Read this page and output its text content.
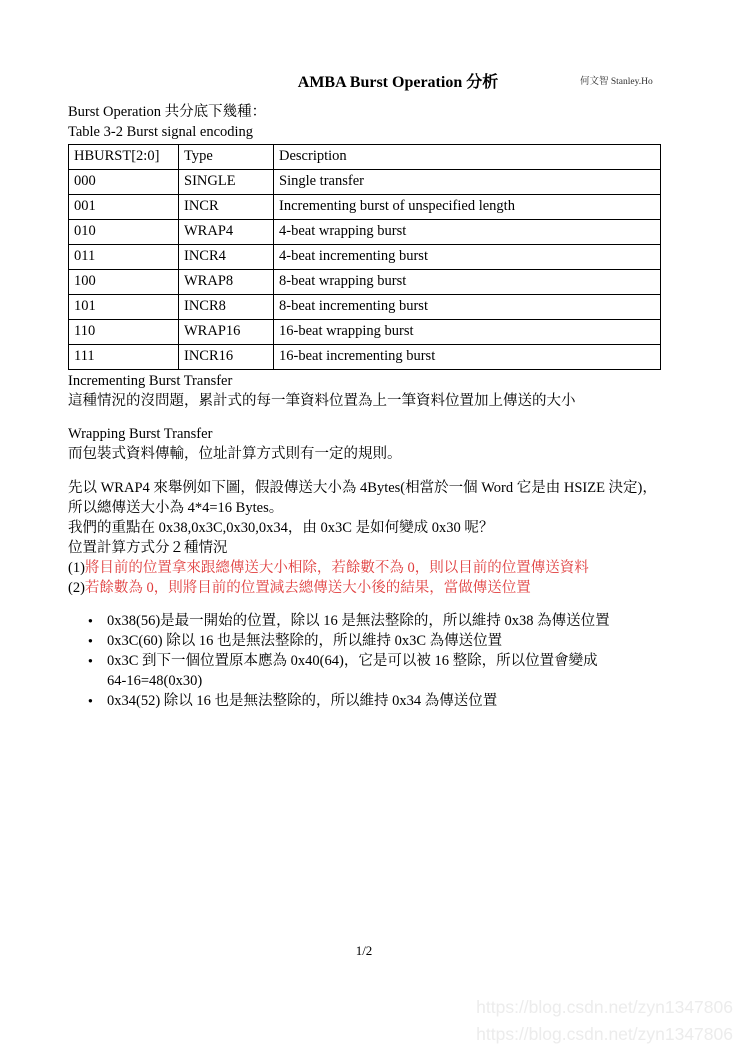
AMBA Burst Operation 分析	何文智 Stanley.Ho
Burst Operation 共分底下幾種：
Table 3-2 Burst signal encoding
HBURST[2:0]	Type	Description
000	SINGLE	Single transfer
001	INCR	Incrementing burst of unspecified length
010	WRAP4	4-beat wrapping burst
011	INCR4	4-beat incrementing burst
100	WRAP8	8-beat wrapping burst
101	INCR8	8-beat incrementing burst
110	WRAP16	16-beat wrapping burst
111	INCR16	16-beat incrementing burst
Incrementing Burst Transfer
這種情況的沒問題，累計式的每一筆資料位置為上一筆資料位置加上傳送的大小
Wrapping Burst Transfer
而包裝式資料傳輸，位址計算方式則有一定的規則。
先以 WRAP4 來舉例如下圖，假設傳送大小為 4Bytes(相當於一個 Word 它是由 HSIZE 決定)，
所以總傳送大小為 4*4=16 Bytes。
我們的重點在 0x38,0x3C,0x30,0x34，由 0x3C 是如何變成 0x30 呢？
位置計算方式分２種情況
(1)將目前的位置拿來跟總傳送大小相除，若餘數不為 0，則以目前的位置傳送資料
(2)若餘數為 0，則將目前的位置減去總傳送大小後的結果，當做傳送位置
● 0x38(56)是最一開始的位置，除以 16 是無法整除的，所以維持 0x38 為傳送位置
● 0x3C(60) 除以 16 也是無法整除的，所以維持 0x3C 為傳送位置
● 0x3C 到下一個位置原本應為 0x40(64)，它是可以被 16 整除，所以位置會變成
64-16=48(0x30)
● 0x34(52) 除以 16 也是無法整除的，所以維持 0x34 為傳送位置
1/2
https://blog.csdn.net/zyn1347806
https://blog.csdn.net/zyn1347806
